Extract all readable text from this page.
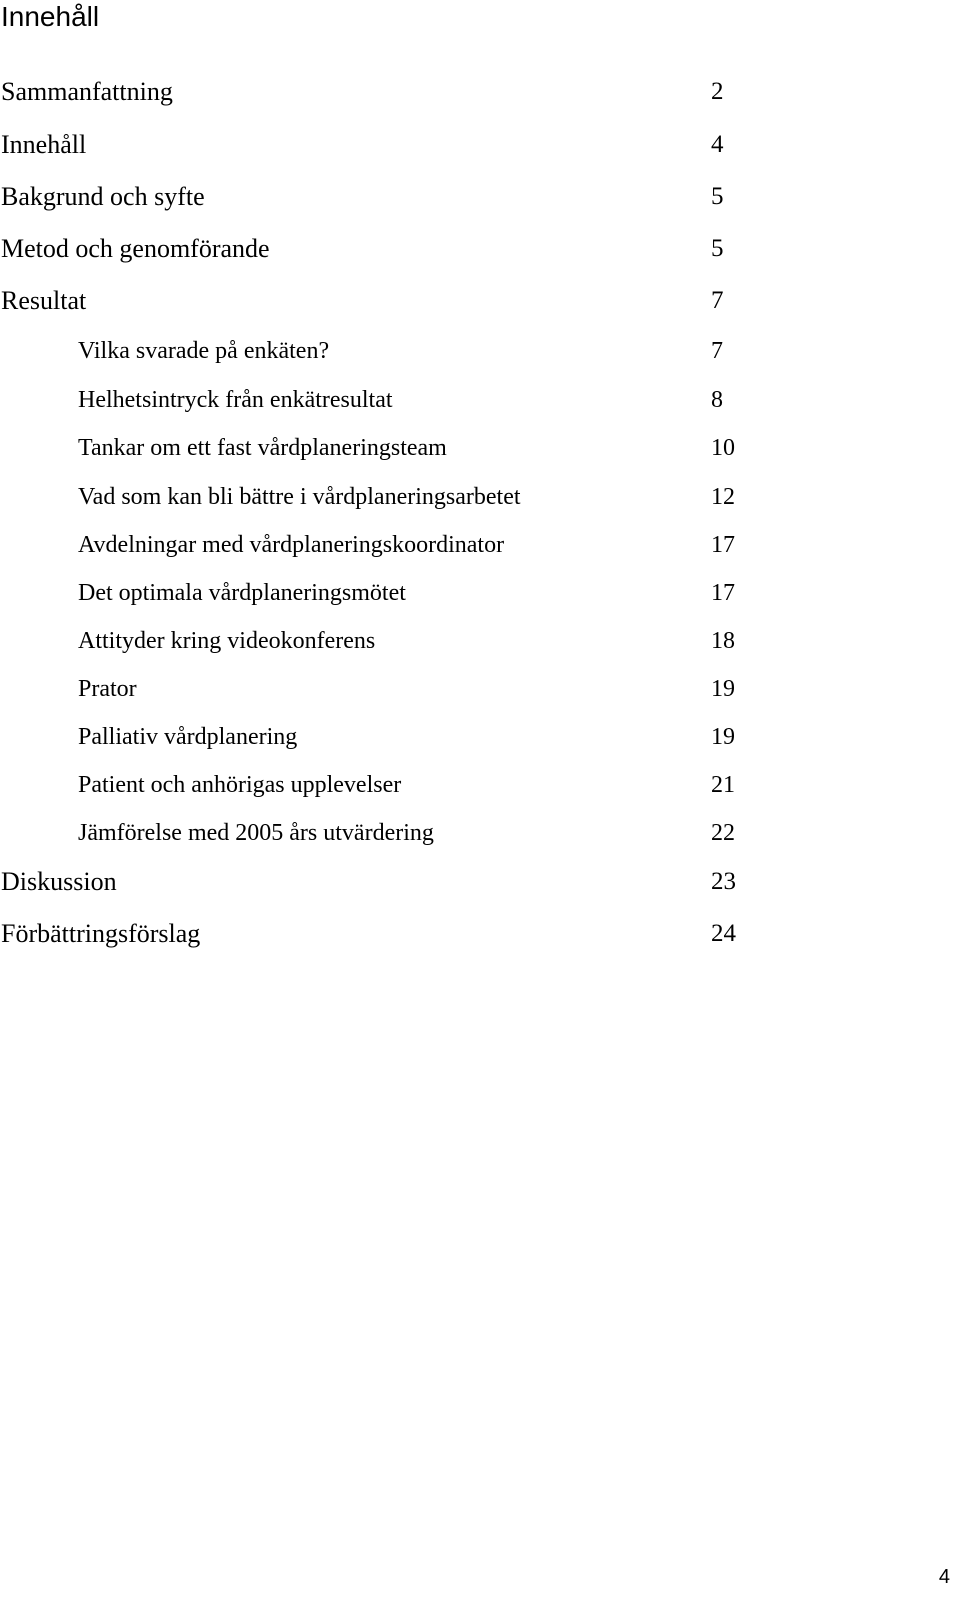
Innehåll
Sammanfattning	2
Innehåll	4
Bakgrund och syfte	5
Metod och genomförande	5
Resultat	7
Vilka svarade på enkäten?	7
Helhetsintryck från enkätresultat	8
Tankar om ett fast vårdplaneringsteam	10
Vad som kan bli bättre i vårdplaneringsarbetet	12
Avdelningar med vårdplaneringskoordinator	17
Det optimala vårdplaneringsmötet	17
Attityder kring videokonferens	18
Prator	19
Palliativ vårdplanering	19
Patient och anhörigas upplevelser	21
Jämförelse med 2005 års utvärdering	22
Diskussion	23
Förbättringsförslag	24
4
